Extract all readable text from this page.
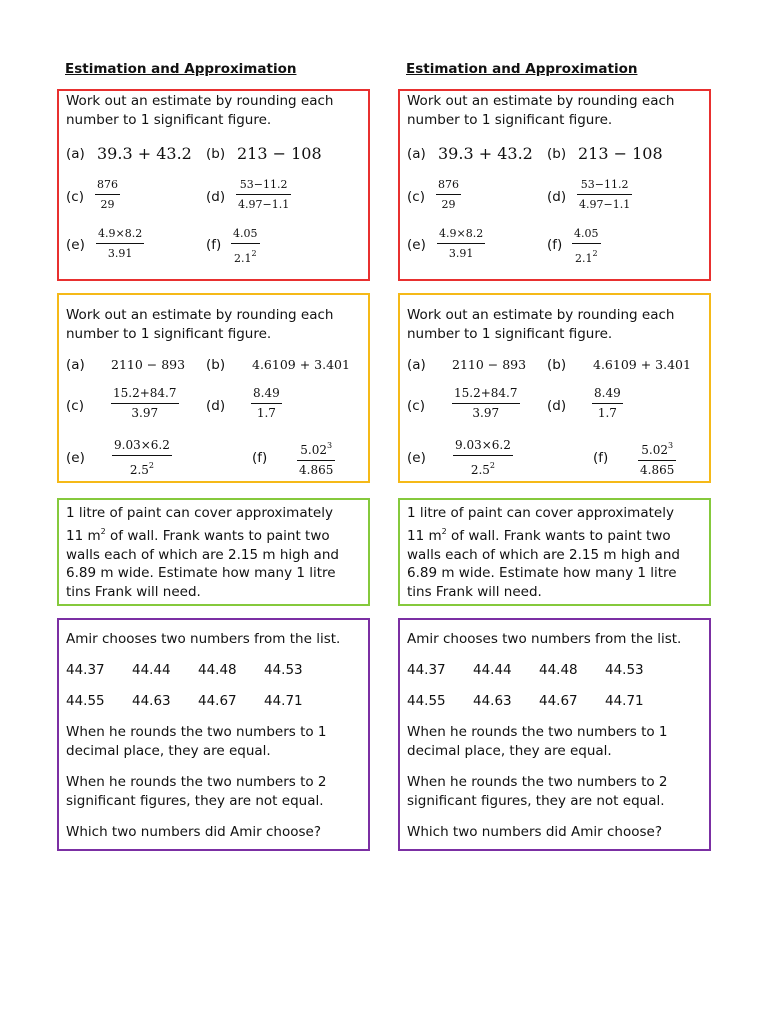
Estimation and Approximation
Work out an estimate by rounding each
number to 1 significant figure.
(a) 39.3 + 43.2 (b) 213 − 108
$(c) \frac{876}{29}$	$(d) \frac{53-11.2}{4.97-1.1}$
$(e) \frac{4.9\times 8.2}{3.91}$	$(f) \frac{4.05}{2.1^2}$
Work out an estimate by rounding each
number to 1 significant figure.
(a) 2110 − 893 (b) 4.6109 + 3.401
$(c) \frac{15.2+84.7}{3.97} (d) \frac{8.49}{1.7}$
$(e) \frac{9.03\times 6.2}{2.5^2}$	$(f) \frac{5.02^3}{4.865}$
1 litre of paint can cover approximately
11 $m^2$ of wall. Frank wants to paint two
walls each of which are 2.15 m high and
6.89 m wide. Estimate how many 1 litre
tins Frank will need.
Amir chooses two numbers from the list.
44.37 44.44 44.48 44.53
44.55 44.63 44.67 44.71
When he rounds the two numbers to 1
decimal place, they are equal.
When he rounds the two numbers to 2
significant figures, they are not equal.
Which two numbers did Amir choose?
Estimation and Approximation
Work out an estimate by rounding each
number to 1 significant figure.
(a) 39.3 + 43.2 (b) 213 − 108
$(c) \frac{876}{29}$	$(d) \frac{53-11.2}{4.97-1.1}$
$(e) \frac{4.9\times 8.2}{3.91}$	$(f) \frac{4.05}{2.1^2}$
Work out an estimate by rounding each
number to 1 significant figure.
(a) 2110 − 893 (b) 4.6109 + 3.401
$(c) \frac{15.2+84.7}{3.97} (d) \frac{8.49}{1.7}$
$(e) \frac{9.03\times 6.2}{2.5^2}$	$(f) \frac{5.02^3}{4.865}$
1 litre of paint can cover approximately
11 $m^2$ of wall. Frank wants to paint two
walls each of which are 2.15 m high and
6.89 m wide. Estimate how many 1 litre
tins Frank will need.
Amir chooses two numbers from the list.
44.37 44.44 44.48 44.53
44.55 44.63 44.67 44.71
When he rounds the two numbers to 1
decimal place, they are equal.
When he rounds the two numbers to 2
significant figures, they are not equal.
Which two numbers did Amir choose?
